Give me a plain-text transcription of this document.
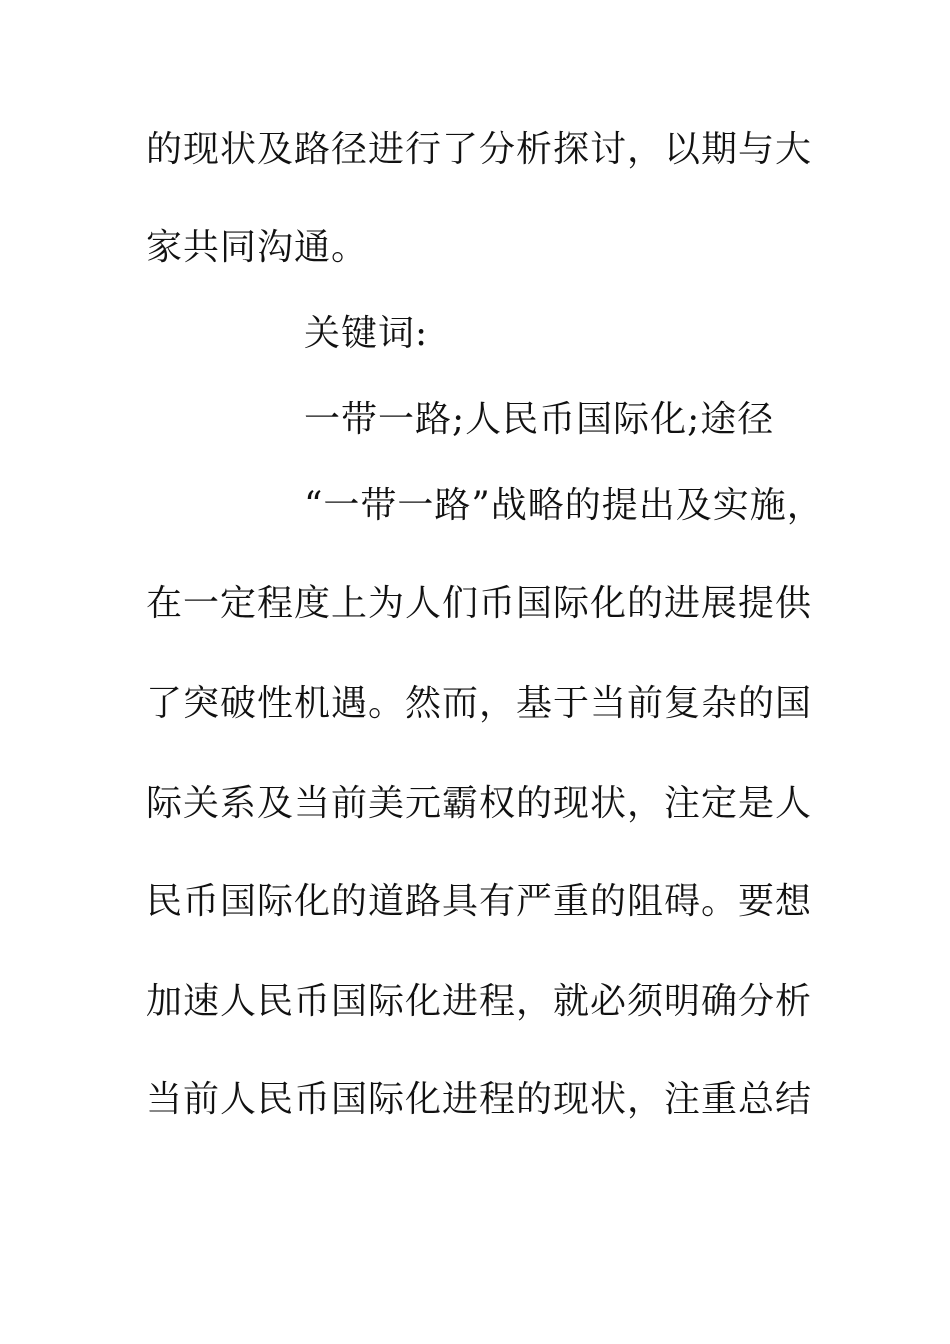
的现状及路径进行了分析探讨，以期与大
家共同沟通。
关键词:
一带一路;人民币国际化;途径
“一带一路”战略的提出及实施，
在一定程度上为人们币国际化的进展提供
了突破性机遇。然而，基于当前复杂的国
际关系及当前美元霸权的现状，注定是人
民币国际化的道路具有严重的阻碍。要想
加速人民币国际化进程，就必须明确分析
当前人民币国际化进程的现状，注重总结
